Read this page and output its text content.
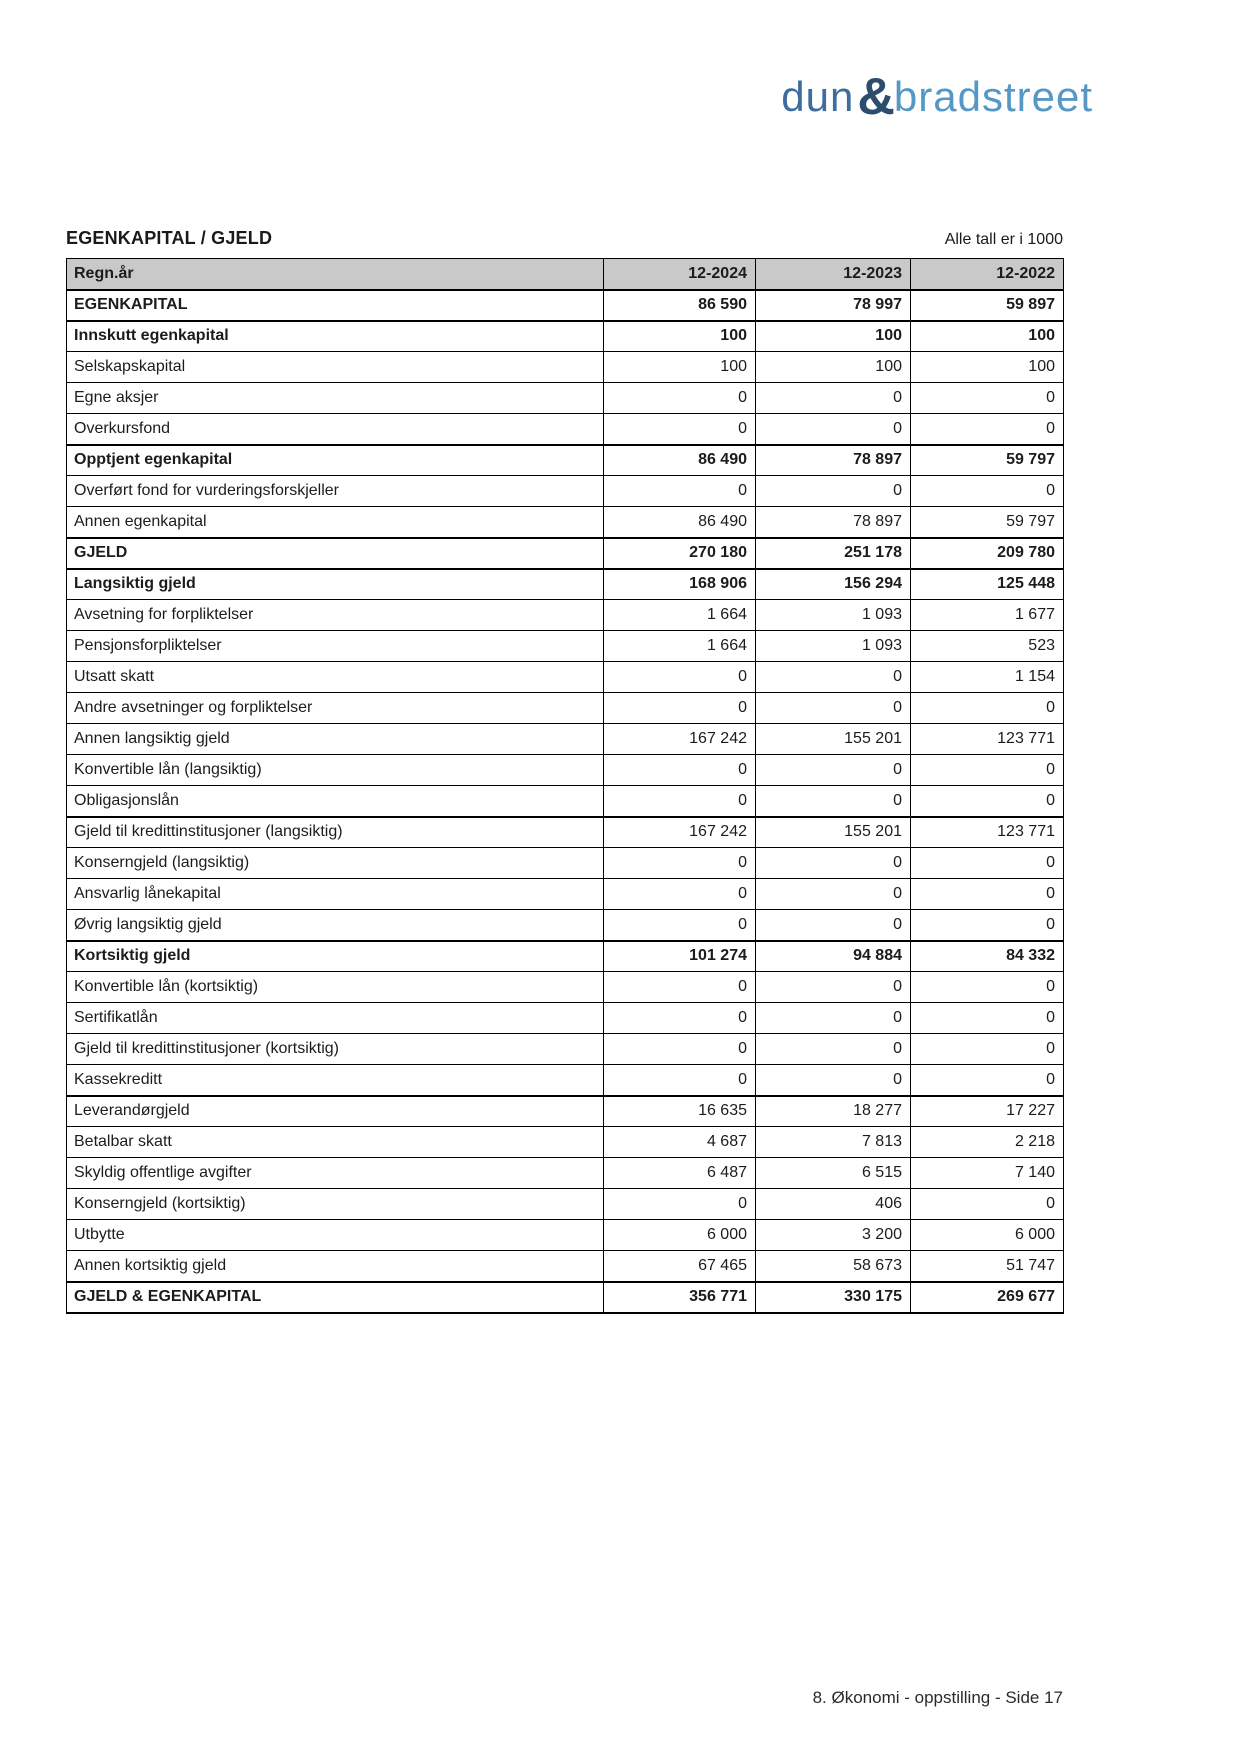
dun & bradstreet
EGENKAPITAL / GJELD	Alle tall er i 1000
Regn.år	12-2024	12-2023	12-2022
EGENKAPITAL	86 590	78 997	59 897
Innskutt egenkapital	100	100	100
Selskapskapital	100	100	100
Egne aksjer	0	0	0
Overkursfond	0	0	0
Opptjent egenkapital	86 490	78 897	59 797
Overført fond for vurderingsforskjeller	0	0	0
Annen egenkapital	86 490	78 897	59 797
GJELD	270 180	251 178	209 780
Langsiktig gjeld	168 906	156 294	125 448
Avsetning for forpliktelser	1 664	1 093	1 677
Pensjonsforpliktelser	1 664	1 093	523
Utsatt skatt	0	0	1 154
Andre avsetninger og forpliktelser	0	0	0
Annen langsiktig gjeld	167 242	155 201	123 771
Konvertible lån (langsiktig)	0	0	0
Obligasjonslån	0	0	0
Gjeld til kredittinstitusjoner (langsiktig)	167 242	155 201	123 771
Konserngjeld (langsiktig)	0	0	0
Ansvarlig lånekapital	0	0	0
Øvrig langsiktig gjeld	0	0	0
Kortsiktig gjeld	101 274	94 884	84 332
Konvertible lån (kortsiktig)	0	0	0
Sertifikatlån	0	0	0
Gjeld til kredittinstitusjoner (kortsiktig)	0	0	0
Kassekreditt	0	0	0
Leverandørgjeld	16 635	18 277	17 227
Betalbar skatt	4 687	7 813	2 218
Skyldig offentlige avgifter	6 487	6 515	7 140
Konserngjeld (kortsiktig)	0	406	0
Utbytte	6 000	3 200	6 000
Annen kortsiktig gjeld	67 465	58 673	51 747
GJELD & EGENKAPITAL	356 771	330 175	269 677
8. Økonomi - oppstilling - Side 17
